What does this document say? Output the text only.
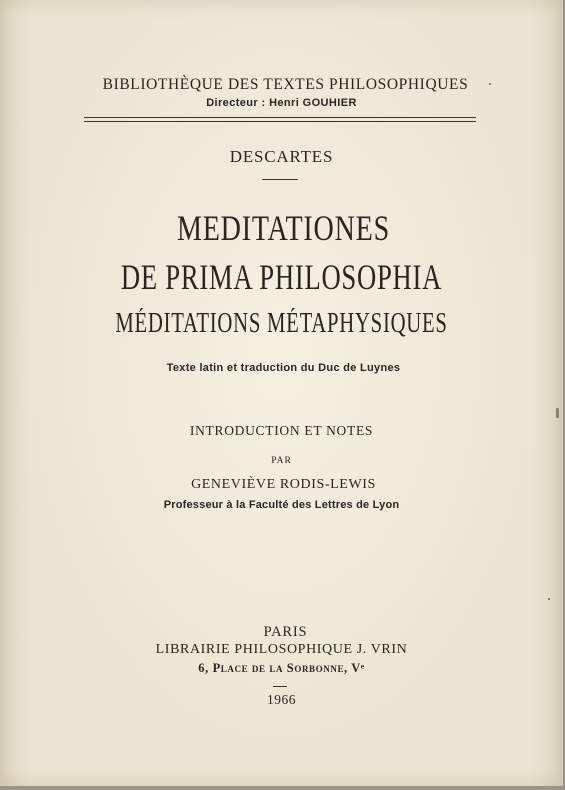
BIBLIOTHÈQUE DES TEXTES PHILOSOPHIQUES
Directeur : Henri GOUHIER
DESCARTES
MEDITATIONES
DE PRIMA PHILOSOPHIA
MÉDITATIONS MÉTAPHYSIQUES
Texte latin et traduction du Duc de Luynes
INTRODUCTION ET NOTES
PAR
GENEVIÈVE RODIS-LEWIS
Professeur à la Faculté des Lettres de Lyon
PARIS
LIBRAIRIE PHILOSOPHIQUE J. VRIN
6, Place de la Sorbonne, Vᵉ
1966
